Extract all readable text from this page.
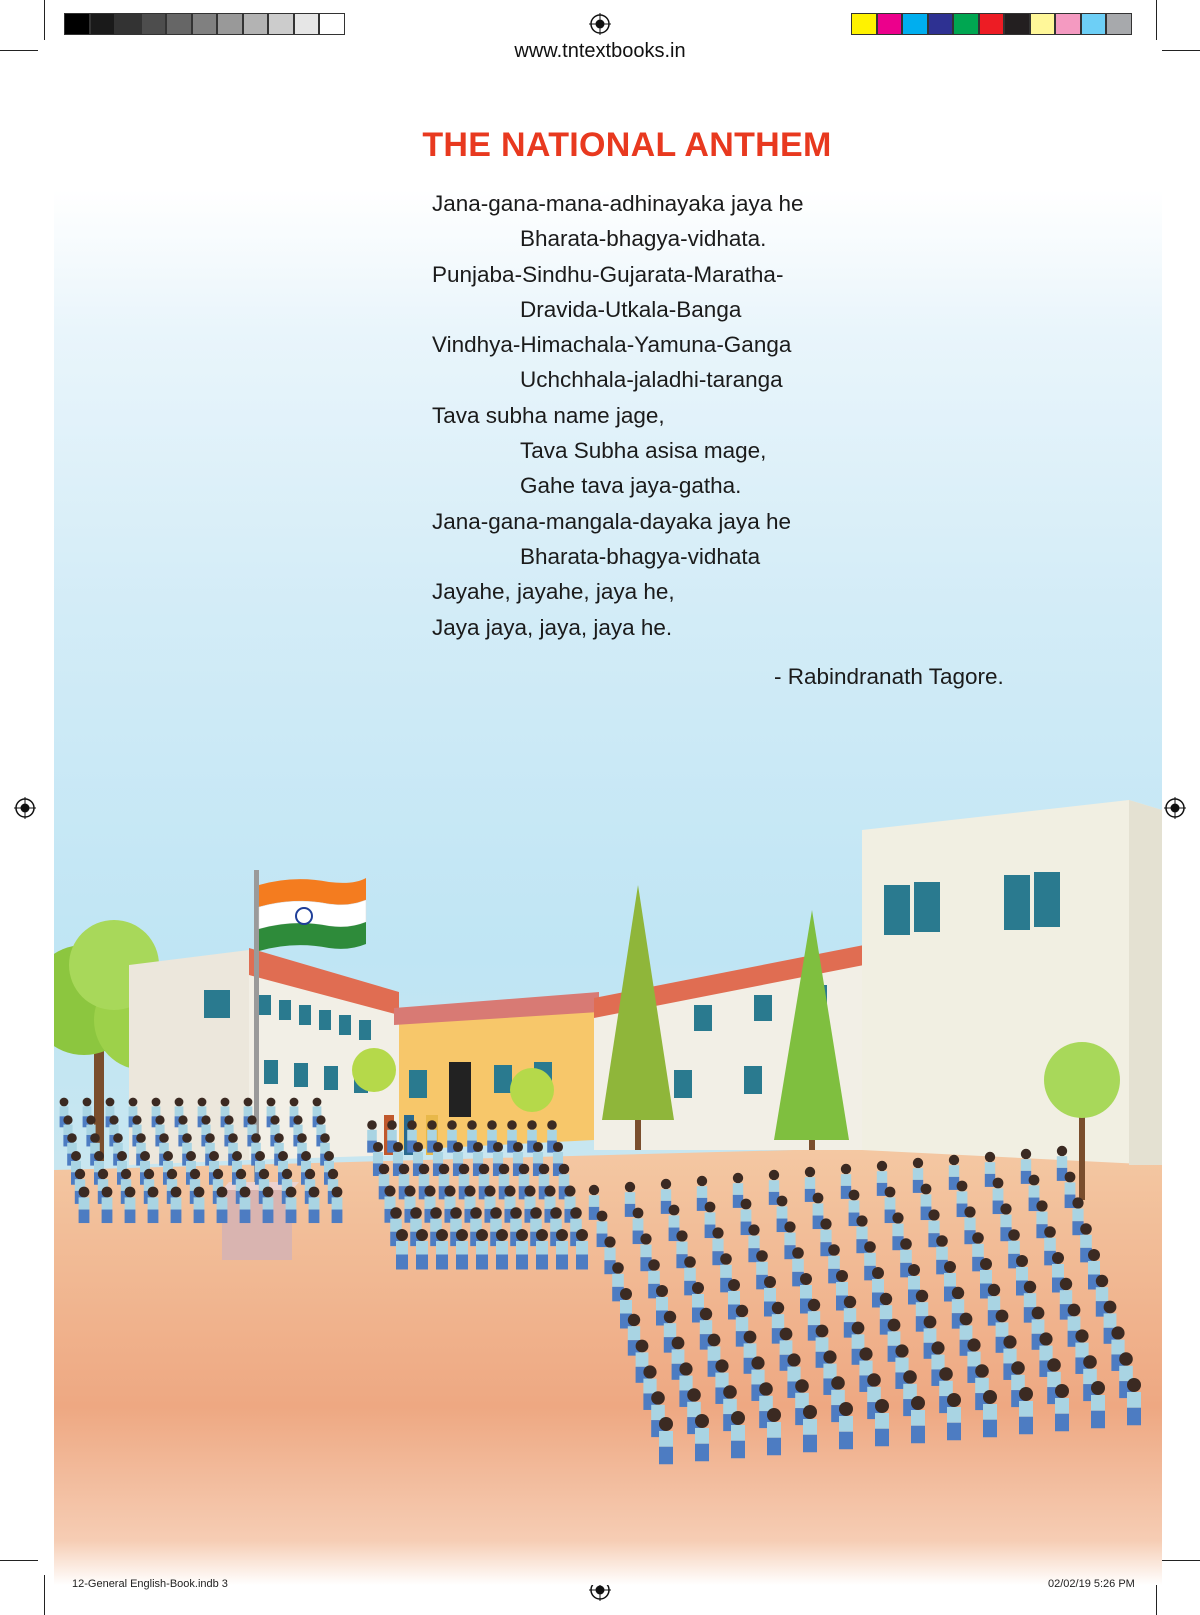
www.tntextbooks.in
THE NATIONAL ANTHEM
Jana-gana-mana-adhinayaka jaya he
Bharata-bhagya-vidhata.
Punjaba-Sindhu-Gujarata-Maratha-
Dravida-Utkala-Banga
Vindhya-Himachala-Yamuna-Ganga
Uchchhala-jaladhi-taranga
Tava subha name jage,
Tava Subha asisa mage,
Gahe tava jaya-gatha.
Jana-gana-mangala-dayaka jaya he
Bharata-bhagya-vidhata
Jayahe, jayahe, jaya he,
Jaya jaya, jaya, jaya he.
- Rabindranath Tagore.
12-General English-Book.indb 3	02/02/19 5:26 PM
